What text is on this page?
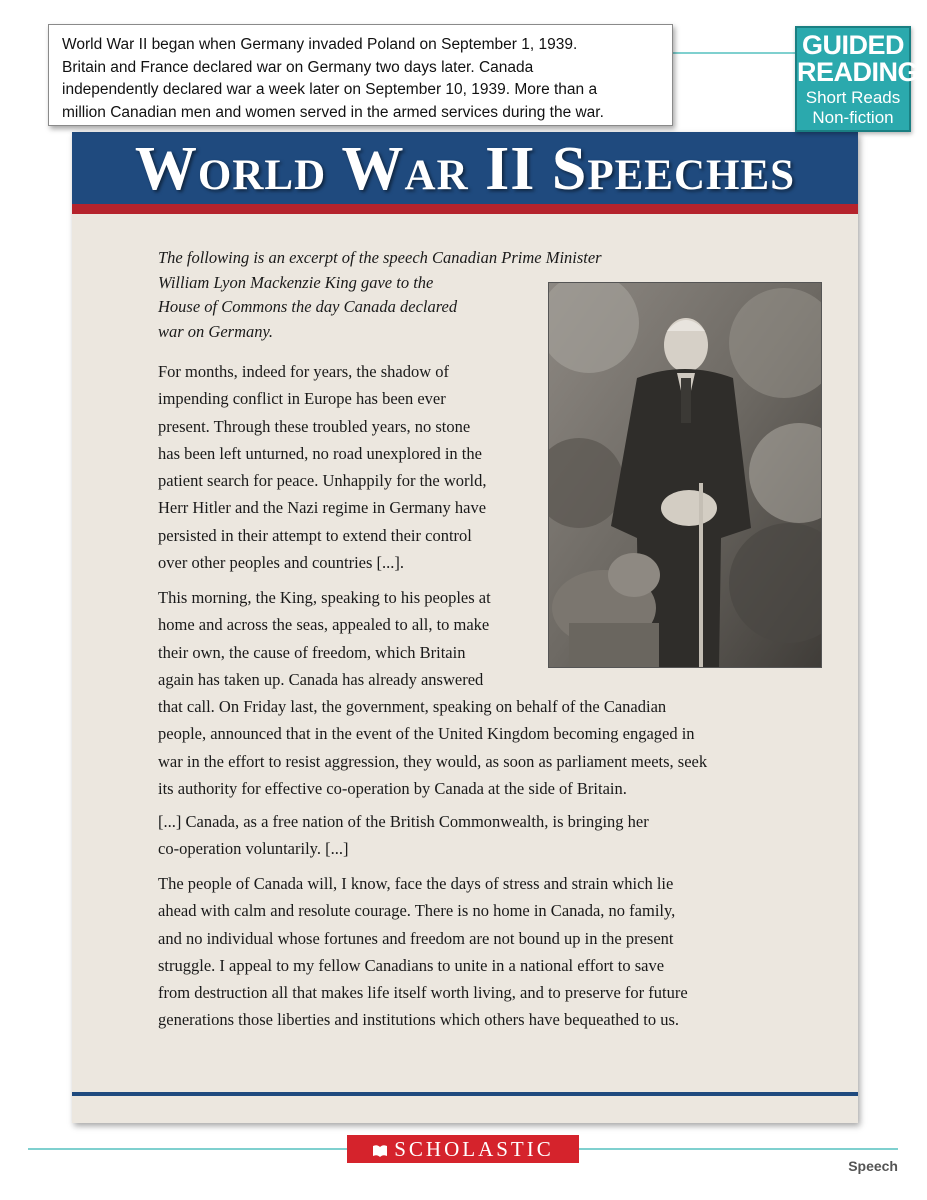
World War II Speeches
World War II began when Germany invaded Poland on September 1, 1939.
Britain and France declared war on Germany two days later. Canada
independently declared war a week later on September 10, 1939. More than a
million Canadian men and women served in the armed services during the war.
GUIDED
READING
Short Reads
Non-fiction
The following is an excerpt of the speech Canadian Prime Minister
William Lyon Mackenzie King gave to the
House of Commons the day Canada declared
war on Germany.
For months, indeed for years, the shadow of
impending conflict in Europe has been ever
present. Through these troubled years, no stone
has been left unturned, no road unexplored in the
patient search for peace. Unhappily for the world,
Herr Hitler and the Nazi regime in Germany have
persisted in their attempt to extend their control
over other peoples and countries [...].
This morning, the King, speaking to his peoples at
home and across the seas, appealed to all, to make
their own, the cause of freedom, which Britain
again has taken up. Canada has already answered
that call. On Friday last, the government, speaking on behalf of the Canadian
people, announced that in the event of the United Kingdom becoming engaged in
war in the effort to resist aggression, they would, as soon as parliament meets, seek
its authority for effective co-operation by Canada at the side of Britain.
[...] Canada, as a free nation of the British Commonwealth, is bringing her
co-operation voluntarily. [...]
The people of Canada will, I know, face the days of stress and strain which lie
ahead with calm and resolute courage. There is no home in Canada, no family,
and no individual whose fortunes and freedom are not bound up in the present
struggle. I appeal to my fellow Canadians to unite in a national effort to save
from destruction all that makes life itself worth living, and to preserve for future
generations those liberties and institutions which others have bequeathed to us.
SCHOLASTIC
Speech
